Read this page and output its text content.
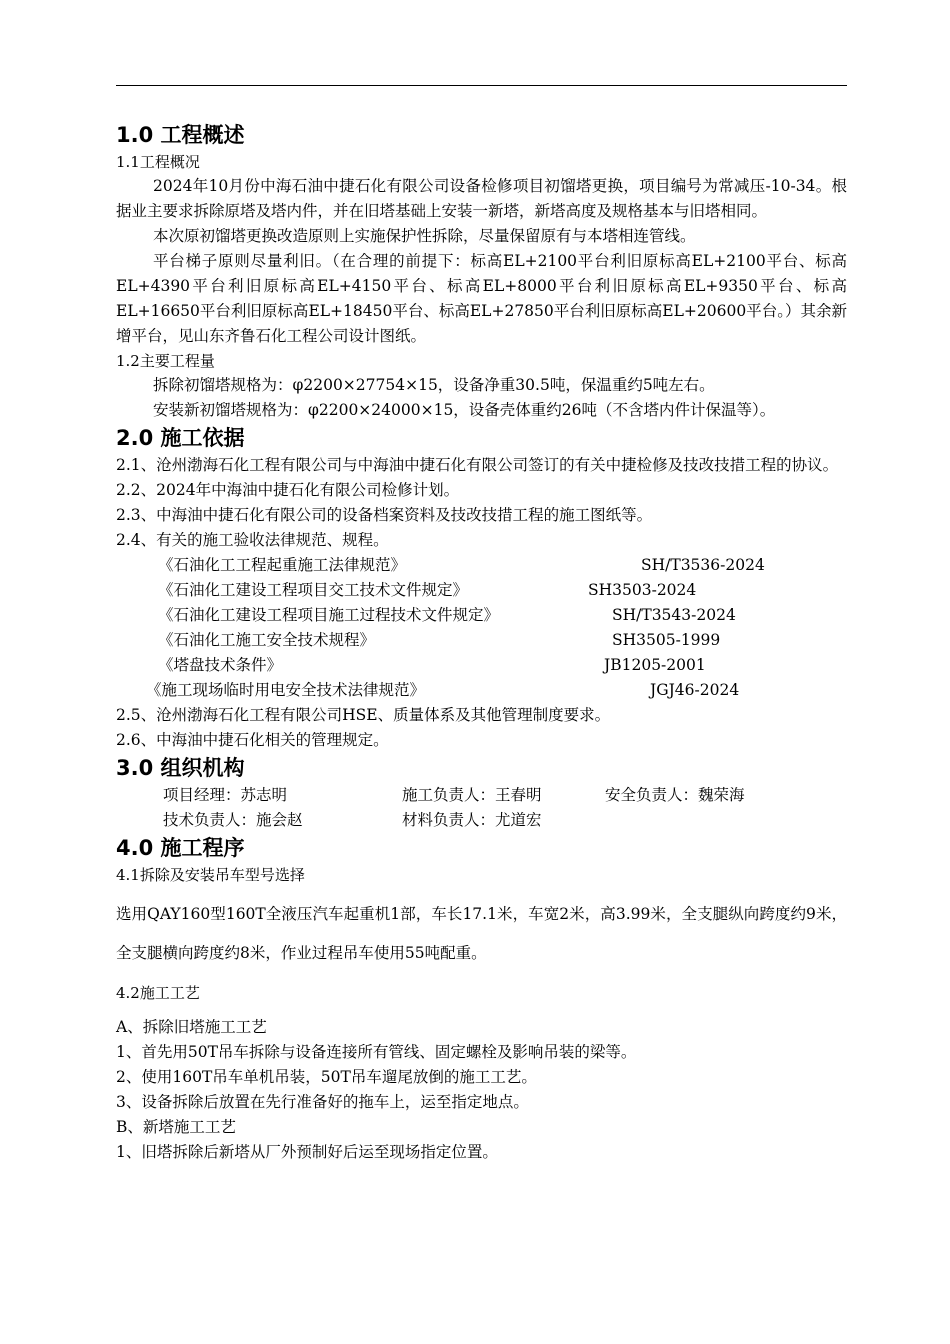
1.0 工程概述
1.1工程概况

2024年10月份中海石油中捷石化有限公司设备检修项目初馏塔更换，项目编号为常减压-10-34。根据业主要求拆除原塔及塔内件，并在旧塔基础上安装一新塔，新塔高度及规格基本与旧塔相同。

本次原初馏塔更换改造原则上实施保护性拆除，尽量保留原有与本塔相连管线。

平台梯子原则尽量利旧。（在合理的前提下：标高EL+2100平台利旧原标高EL+2100平台、标高EL+4390平台利旧原标高EL+4150平台、标高EL+8000平台利旧原标高EL+9350平台、标高EL+16650平台利旧原标高EL+18450平台、标高EL+27850平台利旧原标高EL+20600平台。）其余新增平台，见山东齐鲁石化工程公司设计图纸。

1.2主要工程量

拆除初馏塔规格为：φ2200×27754×15，设备净重30.5吨，保温重约5吨左右。

安装新初馏塔规格为：φ2200×24000×15，设备壳体重约26吨（不含塔内件计保温等）。

2.0 施工依据

2.1、沧州渤海石化工程有限公司与中海油中捷石化有限公司签订的有关中捷检修及技改技措工程的协议。

2.2、2024年中海油中捷石化有限公司检修计划。

2.3、中海油中捷石化有限公司的设备档案资料及技改技措工程的施工图纸等。

2.4、有关的施工验收法律规范、规程。

《石油化工工程起重施工法律规范》	SH/T3536-2024
《石油化工建设工程项目交工技术文件规定》	SH3503-2024
《石油化工建设工程项目施工过程技术文件规定》	SH/T3543-2024
《石油化工施工安全技术规程》	SH3505-1999
《塔盘技术条件》	JB1205-2001
《施工现场临时用电安全技术法律规范》	JGJ46-2024

2.5、沧州渤海石化工程有限公司HSE、质量体系及其他管理制度要求。

2.6、中海油中捷石化相关的管理规定。

3.0 组织机构
项目经理：苏志明	施工负责人：王春明	安全负责人：魏荣海
技术负责人：施会赵	材料负责人：尤道宏
4.0 施工程序
4.1拆除及安装吊车型号选择

选用QAY160型160T全液压汽车起重机1部，车长17.1米，车宽2米，高3.99米，全支腿纵向跨度约9米，全支腿横向跨度约8米，作业过程吊车使用55吨配重。

4.2施工工艺

A、拆除旧塔施工工艺

1、首先用50T吊车拆除与设备连接所有管线、固定螺栓及影响吊装的梁等。

2、使用160T吊车单机吊装，50T吊车遛尾放倒的施工工艺。

3、设备拆除后放置在先行准备好的拖车上，运至指定地点。

B、新塔施工工艺

1、旧塔拆除后新塔从厂外预制好后运至现场指定位置。
